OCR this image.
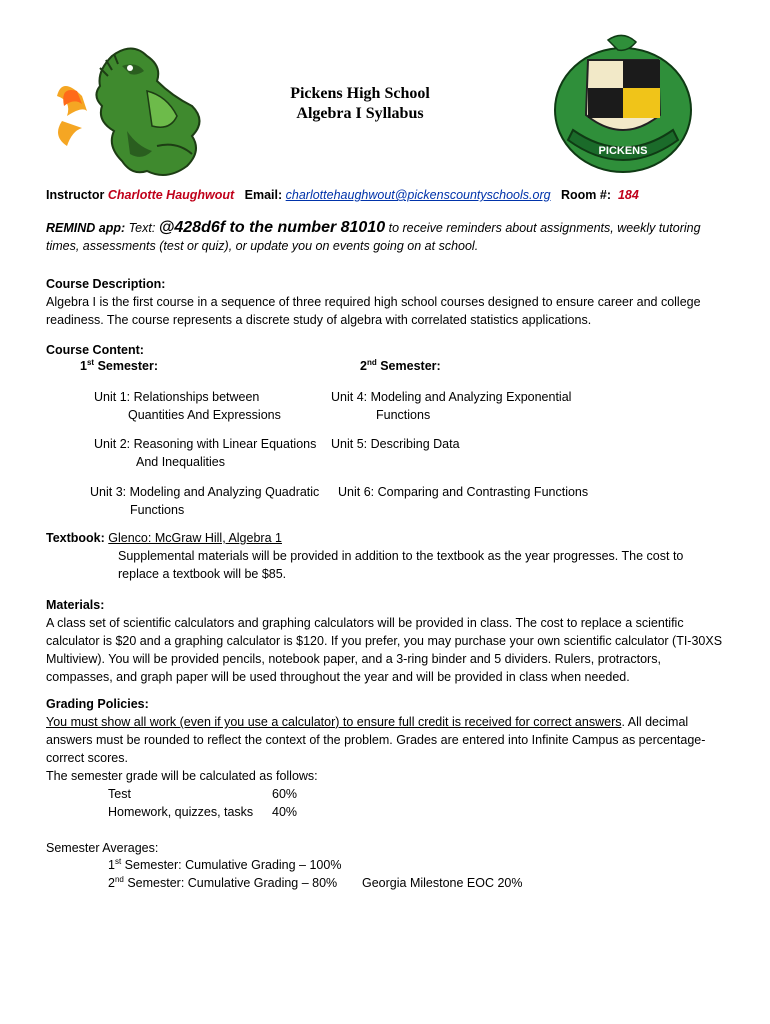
PICKENS
Pickens High School
Algebra I Syllabus
Instructor Charlotte Haughwout Email: charlottehaughwout@pickenscountyschools.org Room #: 184
REMIND app: Text: @428d6f to the number 81010 to receive reminders about assignments, weekly tutoring
times, assessments (test or quiz), or update you on events going on at school.
Course Description:
Algebra I is the first course in a sequence of three required high school courses designed to ensure career and college
readiness. The course represents a discrete study of algebra with correlated statistics applications.
Course Content:
1st Semester:	2nd Semester:
Unit 1: Relationships between
Quantities And Expressions
Unit 4: Modeling and Analyzing Exponential
Functions
Unit 2: Reasoning with Linear Equations
And Inequalities
Unit 5: Describing Data
Unit 3: Modeling and Analyzing Quadratic
Functions
Unit 6: Comparing and Contrasting Functions
Textbook: Glenco: McGraw Hill, Algebra 1
Supplemental materials will be provided in addition to the textbook as the year progresses. The cost to
replace a textbook will be $85.
Materials:
A class set of scientific calculators and graphing calculators will be provided in class. The cost to replace a scientific
calculator is $20 and a graphing calculator is $120. If you prefer, you may purchase your own scientific calculator (TI-30XS
Multiview). You will be provided pencils, notebook paper, and a 3-ring binder and 5 dividers. Rulers, protractors,
compasses, and graph paper will be used throughout the year and will be provided in class when needed.
Grading Policies:
You must show all work (even if you use a calculator) to ensure full credit is received for correct answers. All decimal
answers must be rounded to reflect the context of the problem. Grades are entered into Infinite Campus as percentage-
correct scores.
The semester grade will be calculated as follows:
Test	60%
Homework, quizzes, tasks 40%
Semester Averages:
1st Semester: Cumulative Grading – 100%
2nd Semester: Cumulative Grading – 80% Georgia Milestone EOC 20%
